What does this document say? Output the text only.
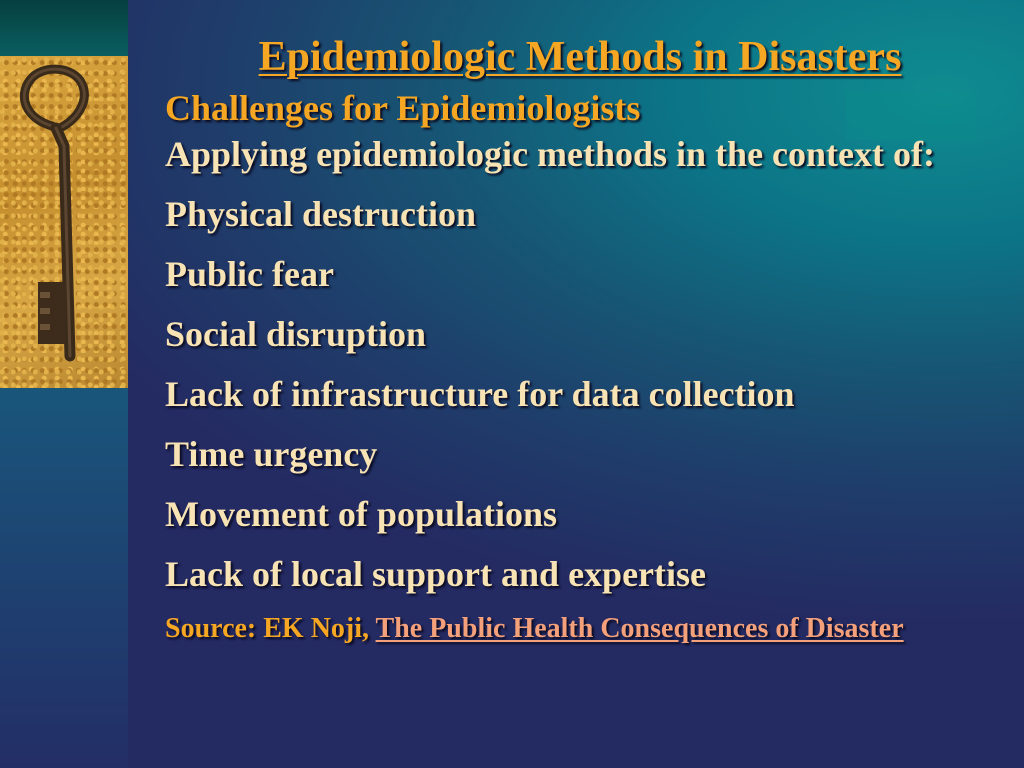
Epidemiologic Methods in Disasters

Challenges for Epidemiologists

Applying epidemiologic methods in the context of:

Physical destruction

Public fear

Social disruption

Lack of infrastructure for data collection

Time urgency

Movement of populations

Lack of local support and expertise

Source: EK Noji, The Public Health Consequences of Disaster
